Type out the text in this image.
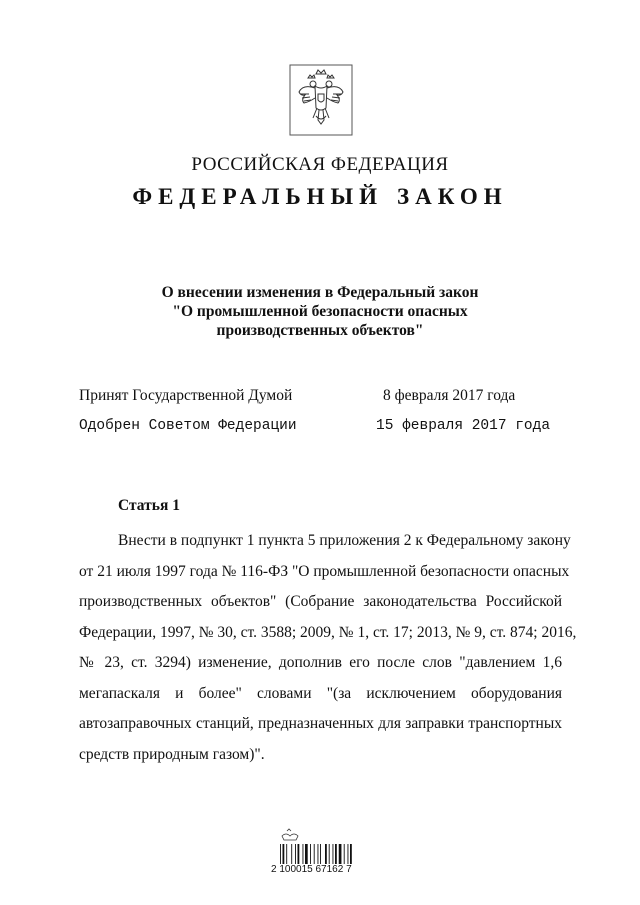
РОССИЙСКАЯ ФЕДЕРАЦИЯ
ФЕДЕРАЛЬНЫЙ ЗАКОН
О внесении изменения в Федеральный закон
"О промышленной безопасности опасных
производственных объектов"
Принят Государственной Думой	8 февраля 2017 года
Одобрен Советом Федерации	15 февраля 2017 года
Статья 1
Внести в подпункт 1 пункта 5 приложения 2 к Федеральному закону
от 21 июля 1997 года № 116-ФЗ "О промышленной безопасности опасных
производственных объектов" (Собрание законодательства Российской
Федерации, 1997, № 30, ст. 3588; 2009, № 1, ст. 17; 2013, № 9, ст. 874; 2016,
№ 23, ст. 3294) изменение, дополнив его после слов "давлением 1,6
мегапаскаля и более" словами "(за исключением оборудования
автозаправочных станций, предназначенных для заправки транспортных
средств природным газом)".
2 100015 67162 7
